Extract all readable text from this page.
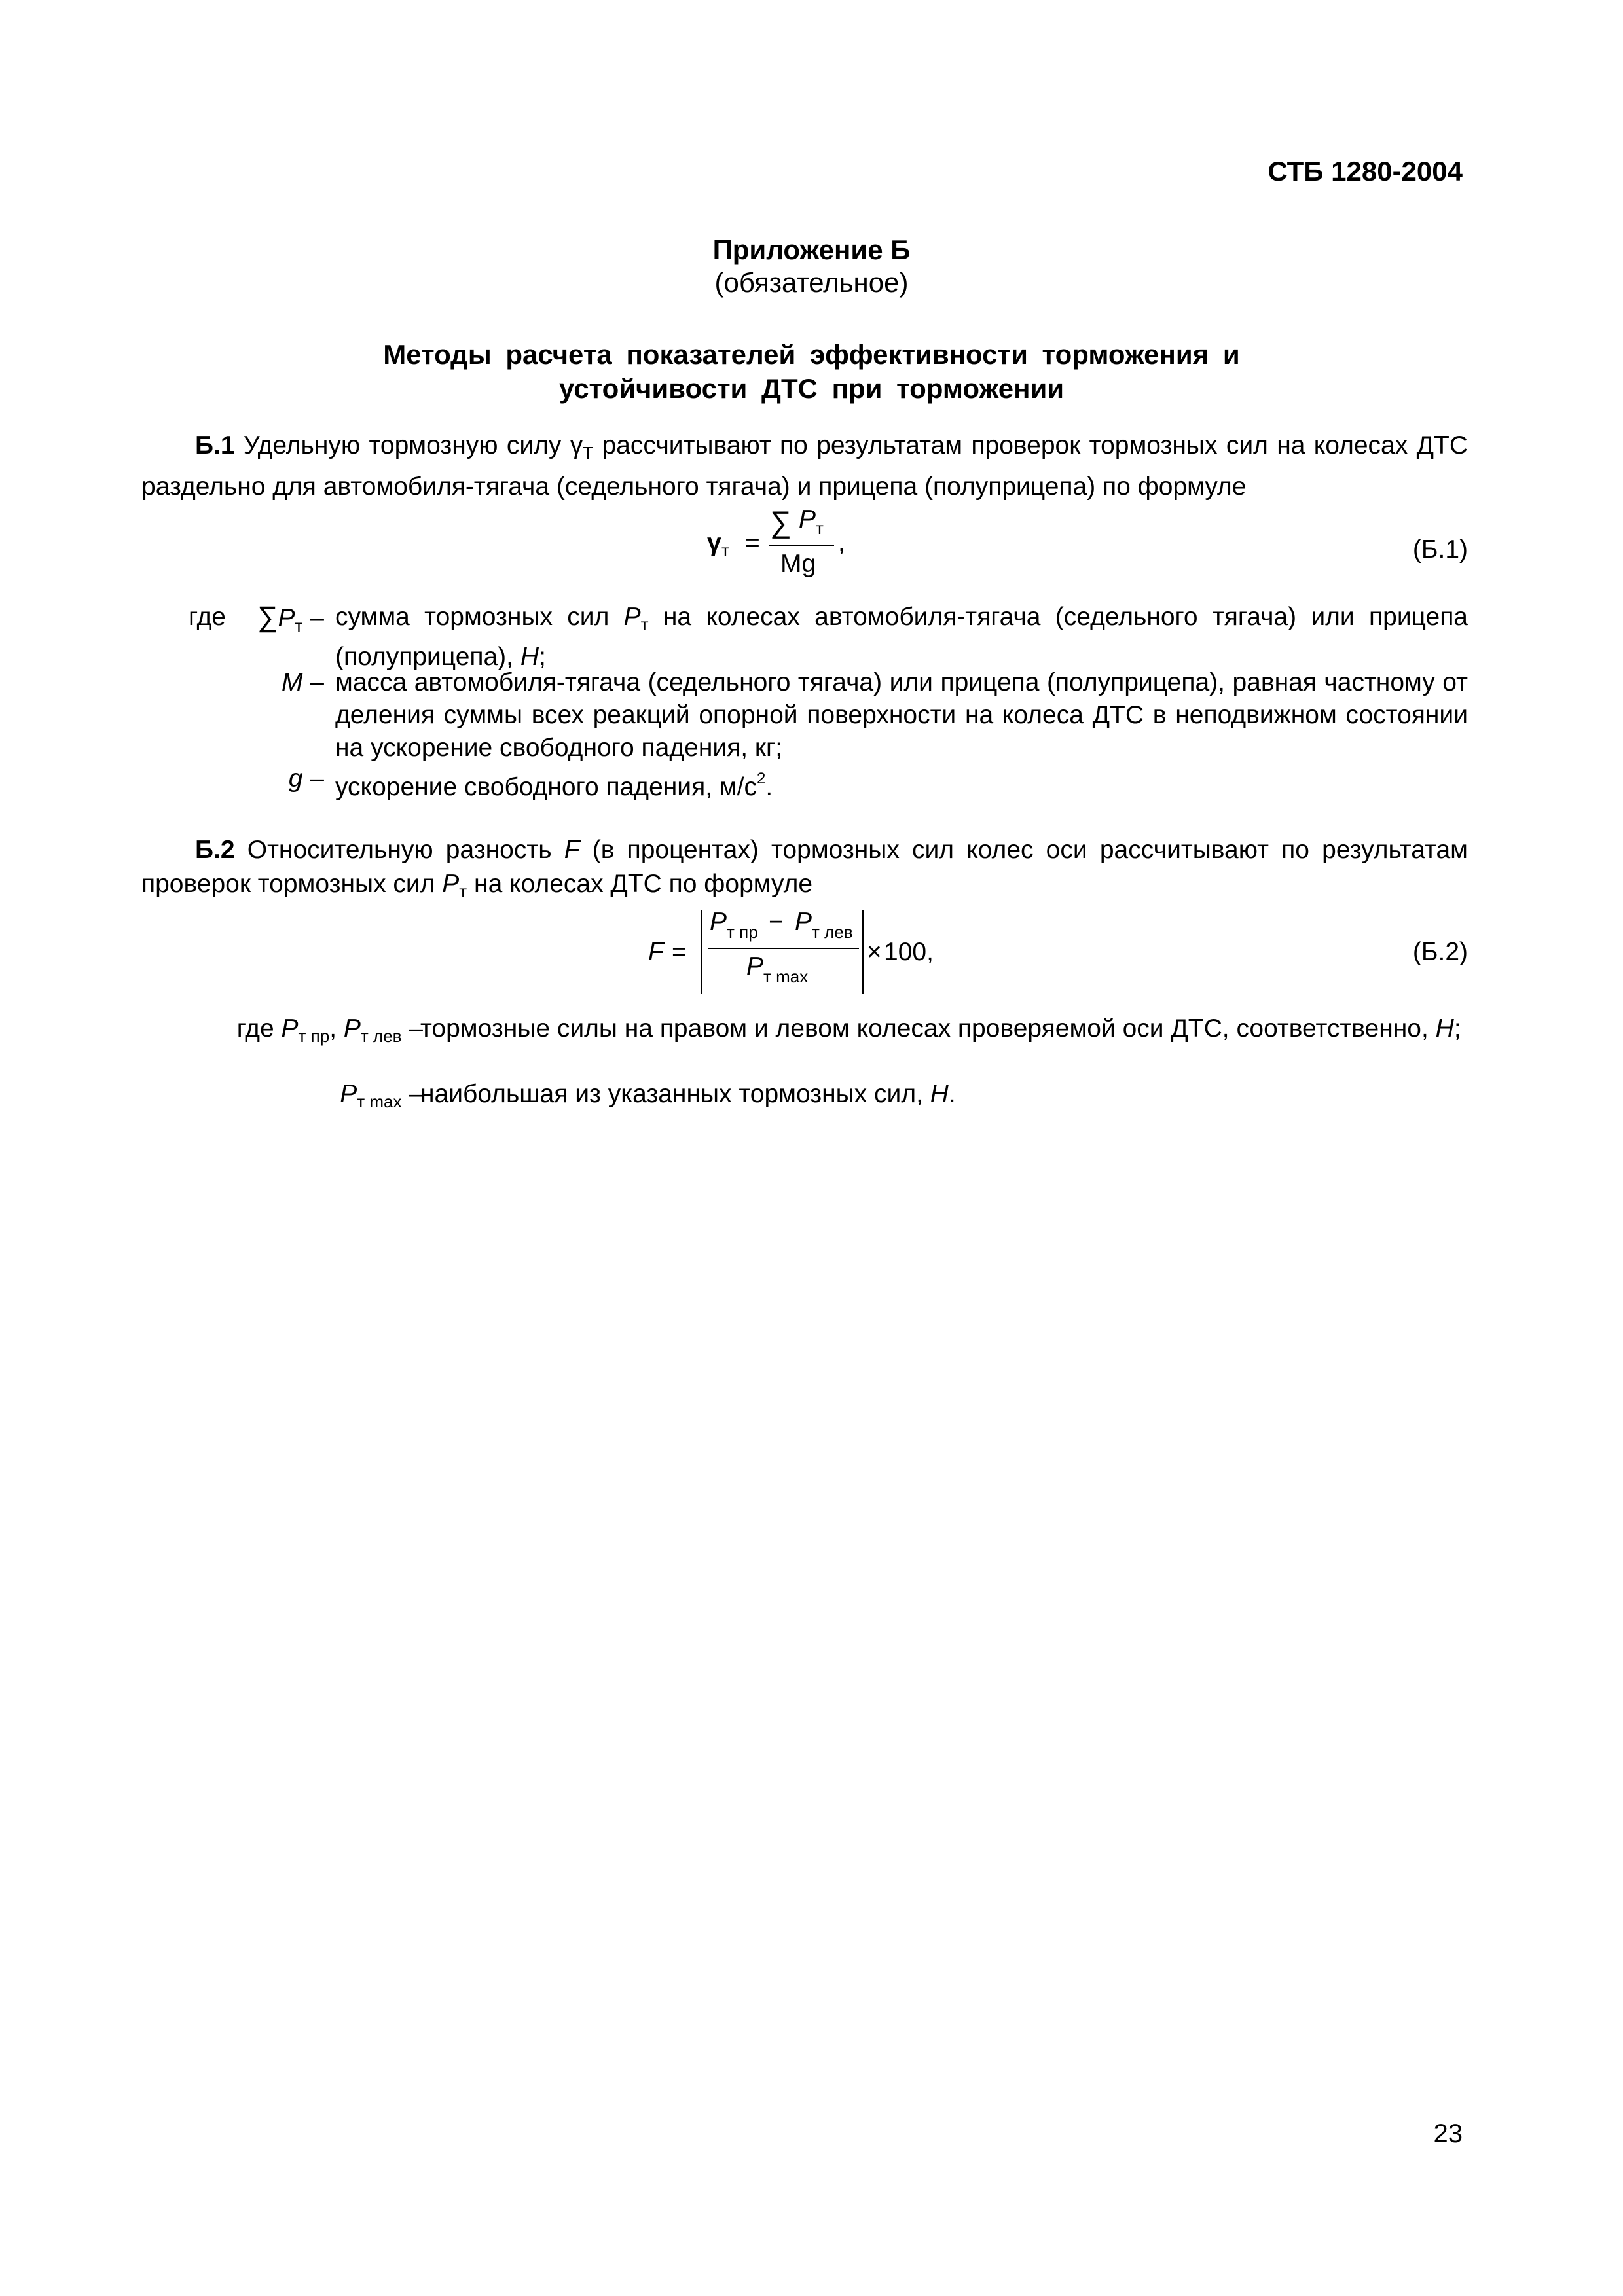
СТБ 1280-2004
Приложение Б
(обязательное)
Методы расчета показателей эффективности торможения и
устойчивости ДТС при торможении
Б.1 Удельную тормозную силу $\gamma_Т$ рассчитывают по результатам проверок тормозных сил на колесах ДТС раздельно для автомобиля-тягача (седельного тягача) и прицепа (полуприцепа) по формуле
γ т =
∑ P т
Mg
,	(Б.1)
где	$\sum P_т$ – сумма тормозных сил $P_т$ на колесах автомобиля-тягача (седельного тягача) или прицепа (полуприцепа), Н;
M – масса автомобиля-тягача (седельного тягача) или прицепа (полуприцепа), равная частному от деления суммы всех реакций опорной поверхности на колеса ДТС в неподвижном состоянии на ускорение свободного падения, кг;
g – ускорение свободного падения, $м/с^2$.
Б.2 Относительную разность F (в процентах) тормозных сил колес оси рассчитывают по результатам проверок тормозных сил $P_т$ на колесах ДТС по формуле
F =
P т пр − P т лев
P т max
× 100,	(Б.2)
где $P_{т пр}$, $P_{т лев}$ –
тормозные силы на правом и левом колесах проверяемой оси ДТС, соответственно, Н;
$P_{т max}$ –
наибольшая из указанных тормозных сил, Н.
23
